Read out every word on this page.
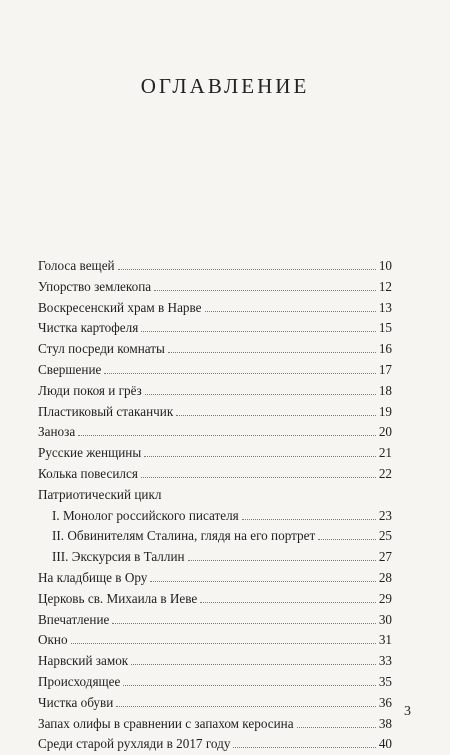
ОГЛАВЛЕНИЕ
Голоса вещей	10
Упорство землекопа	12
Воскресенский храм в Нарве	13
Чистка картофеля	15
Стул посреди комнаты	16
Свершение	17
Люди покоя и грёз	18
Пластиковый стаканчик	19
Заноза	20
Русские женщины	21
Колька повесился	22
Патриотический цикл
I. Монолог российского писателя	23
II. Обвинителям Сталина, глядя на его портрет	25
III. Экскурсия в Таллин	27
На кладбище в Ору	28
Церковь св. Михаила в Иеве	29
Впечатление	30
Окно	31
Нарвский замок	33
Происходящее	35
Чистка обуви	36
Запах олифы в сравнении с запахом керосина	38
Среди старой рухляди в 2017 году	40
3
